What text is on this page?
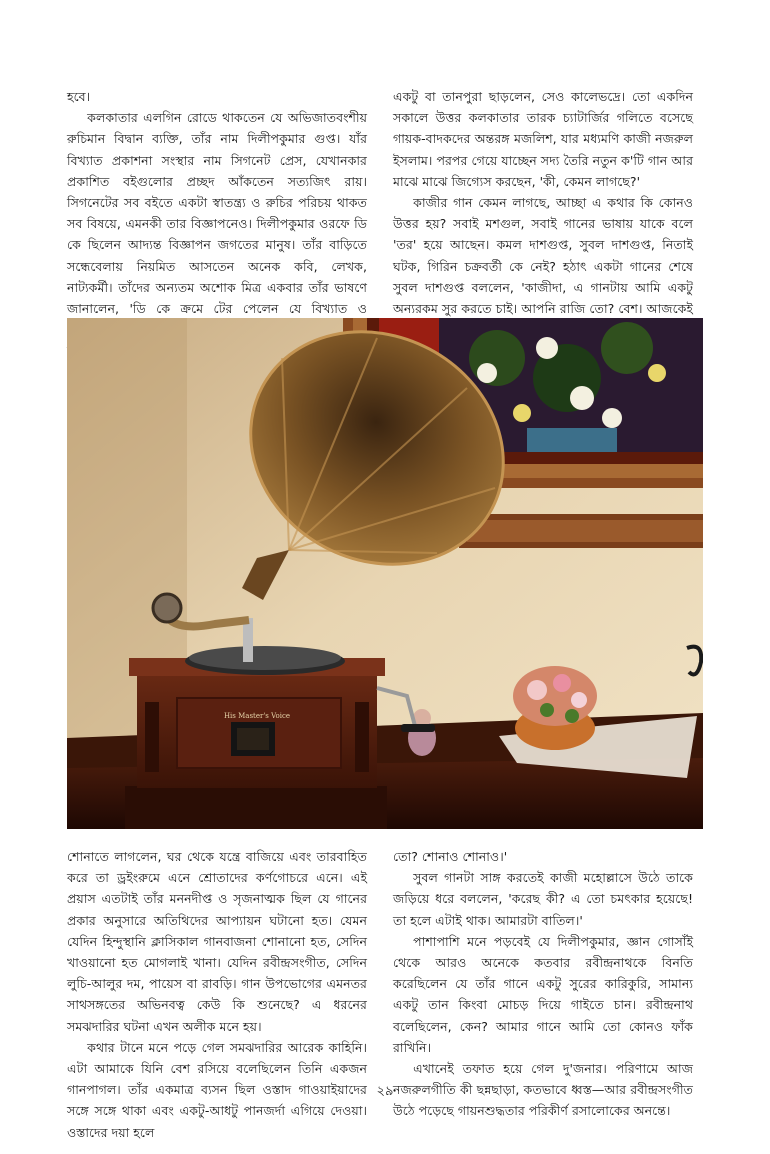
হবে।

কলকাতার এলগিন রোডে থাকতেন যে অভিজাতবংশীয় রুচিমান বিদ্বান ব্যক্তি, তাঁর নাম দিলীপকুমার গুপ্ত। যাঁর বিখ্যাত প্রকাশনা সংস্থার নাম সিগনেট প্রেস, যেখানকার প্রকাশিত বইগুলোর প্রচ্ছদ আঁকতেন সত্যজিৎ রায়। সিগনেটের সব বইতে একটা স্বাতন্ত্র্য ও রুচির পরিচয় থাকত সব বিষয়ে, এমনকী তার বিজ্ঞাপনেও। দিলীপকুমার ওরফে ডি কে ছিলেন আদ্যন্ত বিজ্ঞাপন জগতের মানুষ। তাঁর বাড়িতে সন্ধেবেলায় নিয়মিত আসতেন অনেক কবি, লেখক, নাট্যকর্মী। তাঁদের অন্যতম অশোক মিত্র একবার তাঁর ভাষণে জানালেন, 'ডি কে ক্রমে টের পেলেন যে বিখ্যাত ও

একটু বা তানপুরা ছাড়লেন, সেও কালেভদ্রে। তো একদিন সকালে উত্তর কলকাতার তারক চ্যাটার্জির গলিতে বসেছে গায়ক-বাদকদের অন্তরঙ্গ মজলিশ, যার মধ্যমণি কাজী নজরুল ইসলাম। পরপর গেয়ে যাচ্ছেন সদ্য তৈরি নতুন ক'টি গান আর মাঝে মাঝে জিগ্যেস করছেন, 'কী, কেমন লাগছে?'

কাজীর গান কেমন লাগছে, আচ্ছা এ কথার কি কোনও উত্তর হয়? সবাই মশগুল, সবাই গানের ভাষায় যাকে বলে 'তর' হয়ে আছেন। কমল দাশগুপ্ত, সুবল দাশগুপ্ত, নিতাই ঘটক, গিরিন চক্রবর্তী কে নেই? হঠাৎ একটা গানের শেষে সুবল দাশগুপ্ত বললেন, 'কাজীদা, এ গানটায় আমি একটু অন্যরকম সুর করতে চাই। আপনি রাজি তো? বেশ। আজকেই

His Master's Voice

শোনাতে লাগলেন, ঘর থেকে যন্ত্রে বাজিয়ে এবং তারবাহিত করে তা ড্রইংরুমে এনে শ্রোতাদের কর্ণগোচরে এনে। এই প্রয়াস এতটাই তাঁর মননদীপ্ত ও সৃজনাত্মক ছিল যে গানের প্রকার অনুসারে অতিথিদের আপ্যায়ন ঘটানো হত। যেমন যেদিন হিন্দুস্থানি ক্লাসিকাল গানবাজনা শোনানো হত, সেদিন খাওয়ানো হত মোগলাই খানা। যেদিন রবীন্দ্রসংগীত, সেদিন লুচি-আলুর দম, পায়েস বা রাবড়ি। গান উপভোগের এমনতর সাথসঙ্গতের অভিনবত্ব কেউ কি শুনেছে? এ ধরনের সমঝদারির ঘটনা এখন অলীক মনে হয়।

কথার টানে মনে পড়ে গেল সমঝদারির আরেক কাহিনি। এটা আমাকে যিনি বেশ রসিয়ে বলেছিলেন তিনি একজন গানপাগল। তাঁর একমাত্র ব্যসন ছিল ওস্তাদ গাওয়াইয়াদের সঙ্গে সঙ্গে থাকা এবং একটু-আধটু পানজর্দা এগিয়ে দেওয়া। ওস্তাদের দয়া হলে

তো? শোনাও শোনাও।'

সুবল গানটা সাঙ্গ করতেই কাজী মহোল্লাসে উঠে তাকে জড়িয়ে ধরে বললেন, 'করেছ কী? এ তো চমৎকার হয়েছে! তা হলে এটাই থাক। আমারটা বাতিল।'

পাশাপাশি মনে পড়বেই যে দিলীপকুমার, জ্ঞান গোসাঁই থেকে আরও অনেকে কতবার রবীন্দ্রনাথকে বিনতি করেছিলেন যে তাঁর গানে একটু সুরের কারিকুরি, সামান্য একটু তান কিংবা মোচড় দিয়ে গাইতে চান। রবীন্দ্রনাথ বলেছিলেন, কেন? আমার গানে আমি তো কোনও ফাঁক রাখিনি।

এখানেই তফাত হয়ে গেল দু'জনার। পরিণামে আজ নজরুলগীতি কী ছন্নছাড়া, কতভাবে ধ্বস্ত—আর রবীন্দ্রসংগীত উঠে পড়েছে গায়নশুদ্ধতার পরিকীর্ণ রসালোকের অনন্তে।

২৯
